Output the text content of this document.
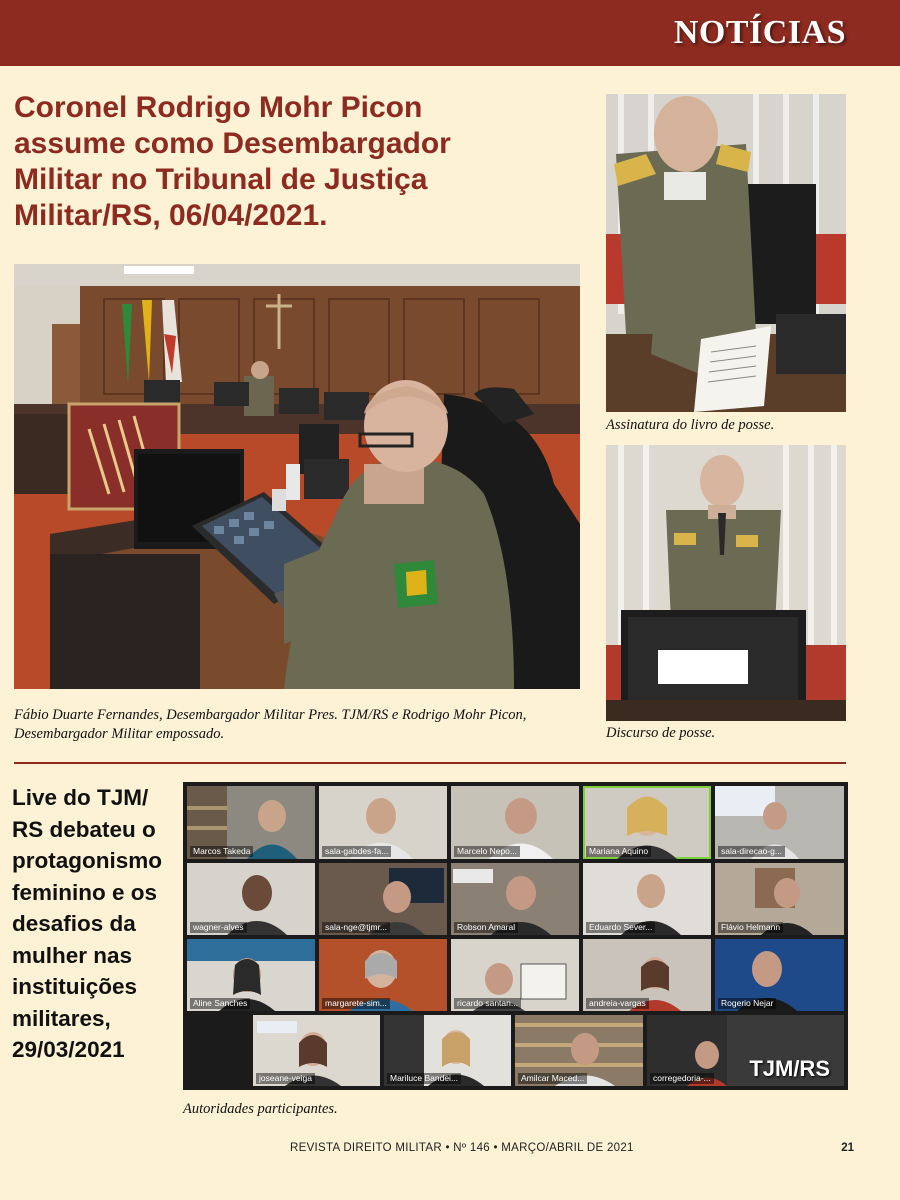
NOTÍCIAS
Coronel Rodrigo Mohr Picon assume como Desembargador Militar no Tribunal de Justiça Militar/RS, 06/04/2021.
Fábio Duarte Fernandes, Desembargador Militar Pres. TJM/RS e Rodrigo Mohr Picon, Desembargador Militar empossado.
Assinatura do livro de posse.
Discurso de posse.
Live do TJM/ RS debateu o protagonismo feminino e os desafios da mulher nas instituições militares, 29/03/2021
Marcos Takeda	sala-gabdes-fa...	Marcelo Nepo...	Mariana Aquino	sala-direcao-g...
wagner-alves	sala-nge@tjmr...	Robson Amaral	Eduardo Sever...	Flávio Helmann
Aline Sanches	margarete-sim...	ricardo santan...	andreia-vargas	Rogerio Nejar
joseane-veiga	Mariluce Bandei...	Amilcar Maced...	corregedoria-... TJM/RS
Autoridades participantes.
REVISTA DIREITO MILITAR • Nº 146 • MARÇO/ABRIL DE 2021	21
